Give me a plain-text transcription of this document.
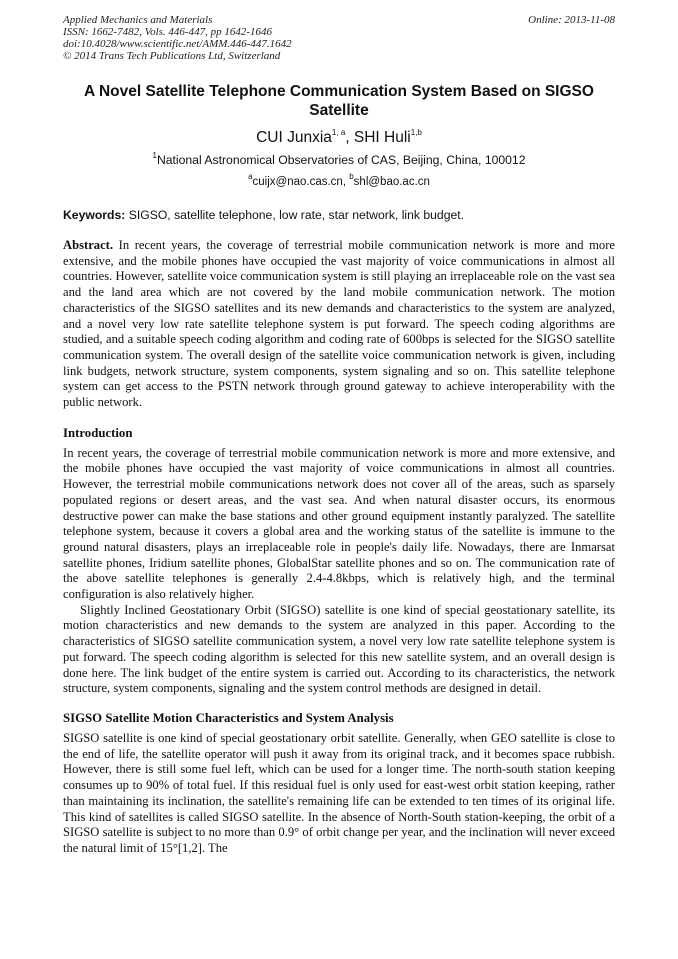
Applied Mechanics and Materials
ISSN: 1662-7482, Vols. 446-447, pp 1642-1646
doi:10.4028/www.scientific.net/AMM.446-447.1642
© 2014 Trans Tech Publications Ltd, Switzerland
Online: 2013-11-08
A Novel Satellite Telephone Communication System Based on SIGSO Satellite
CUI Junxia$^{1, a}$, SHI Huli$^{1,b}$
$^1$National Astronomical Observatories of CAS, Beijing, China, 100012
$^a$cuijx@nao.cas.cn, $^b$shl@bao.ac.cn
Keywords: SIGSO, satellite telephone, low rate, star network, link budget.
Abstract. In recent years, the coverage of terrestrial mobile communication network is more and more extensive, and the mobile phones have occupied the vast majority of voice communications in almost all countries. However, satellite voice communication system is still playing an irreplaceable role on the vast sea and the land area which are not covered by the land mobile communication network. The motion characteristics of the SIGSO satellites and its new demands and characteristics to the system are analyzed, and a novel very low rate satellite telephone system is put forward. The speech coding algorithms are studied, and a suitable speech coding algorithm and coding rate of 600bps is selected for the SIGSO satellite communication system. The overall design of the satellite voice communication network is given, including link budgets, network structure, system components, system signaling and so on. This satellite telephone system can get access to the PSTN network through ground gateway to achieve interoperability with the public network.
Introduction

In recent years, the coverage of terrestrial mobile communication network is more and more extensive, and the mobile phones have occupied the vast majority of voice communications in almost all countries. However, the terrestrial mobile communications network does not cover all of the areas, such as sparsely populated regions or desert areas, and the vast sea. And when natural disaster occurs, its enormous destructive power can make the base stations and other ground equipment instantly paralyzed. The satellite telephone system, because it covers a global area and the working status of the satellite is immune to the ground natural disasters, plays an irreplaceable role in people's daily life. Nowadays, there are Inmarsat satellite phones, Iridium satellite phones, GlobalStar satellite phones and so on. The communication rate of the above satellite telephones is generally 2.4-4.8kbps, which is relatively high, and the terminal configuration is also relatively higher.

Slightly Inclined Geostationary Orbit (SIGSO) satellite is one kind of special geostationary satellite, its motion characteristics and new demands to the system are analyzed in this paper. According to the characteristics of SIGSO satellite communication system, a novel very low rate satellite telephone system is put forward. The speech coding algorithm is selected for this new satellite system, and an overall design is done here. The link budget of the entire system is carried out. According to its characteristics, the network structure, system components, signaling and the system control methods are designed in detail.

SIGSO Satellite Motion Characteristics and System Analysis

SIGSO satellite is one kind of special geostationary orbit satellite. Generally, when GEO satellite is close to the end of life, the satellite operator will push it away from its original track, and it becomes space rubbish. However, there is still some fuel left, which can be used for a longer time. The north-south station keeping consumes up to 90% of total fuel. If this residual fuel is only used for east-west orbit station keeping, rather than maintaining its inclination, the satellite's remaining life can be extended to ten times of its original life. This kind of satellites is called SIGSO satellite. In the absence of North-South station-keeping, the orbit of a SIGSO satellite is subject to no more than 0.9° of orbit change per year, and the inclination will never exceed the natural limit of 15°[1,2]. The
